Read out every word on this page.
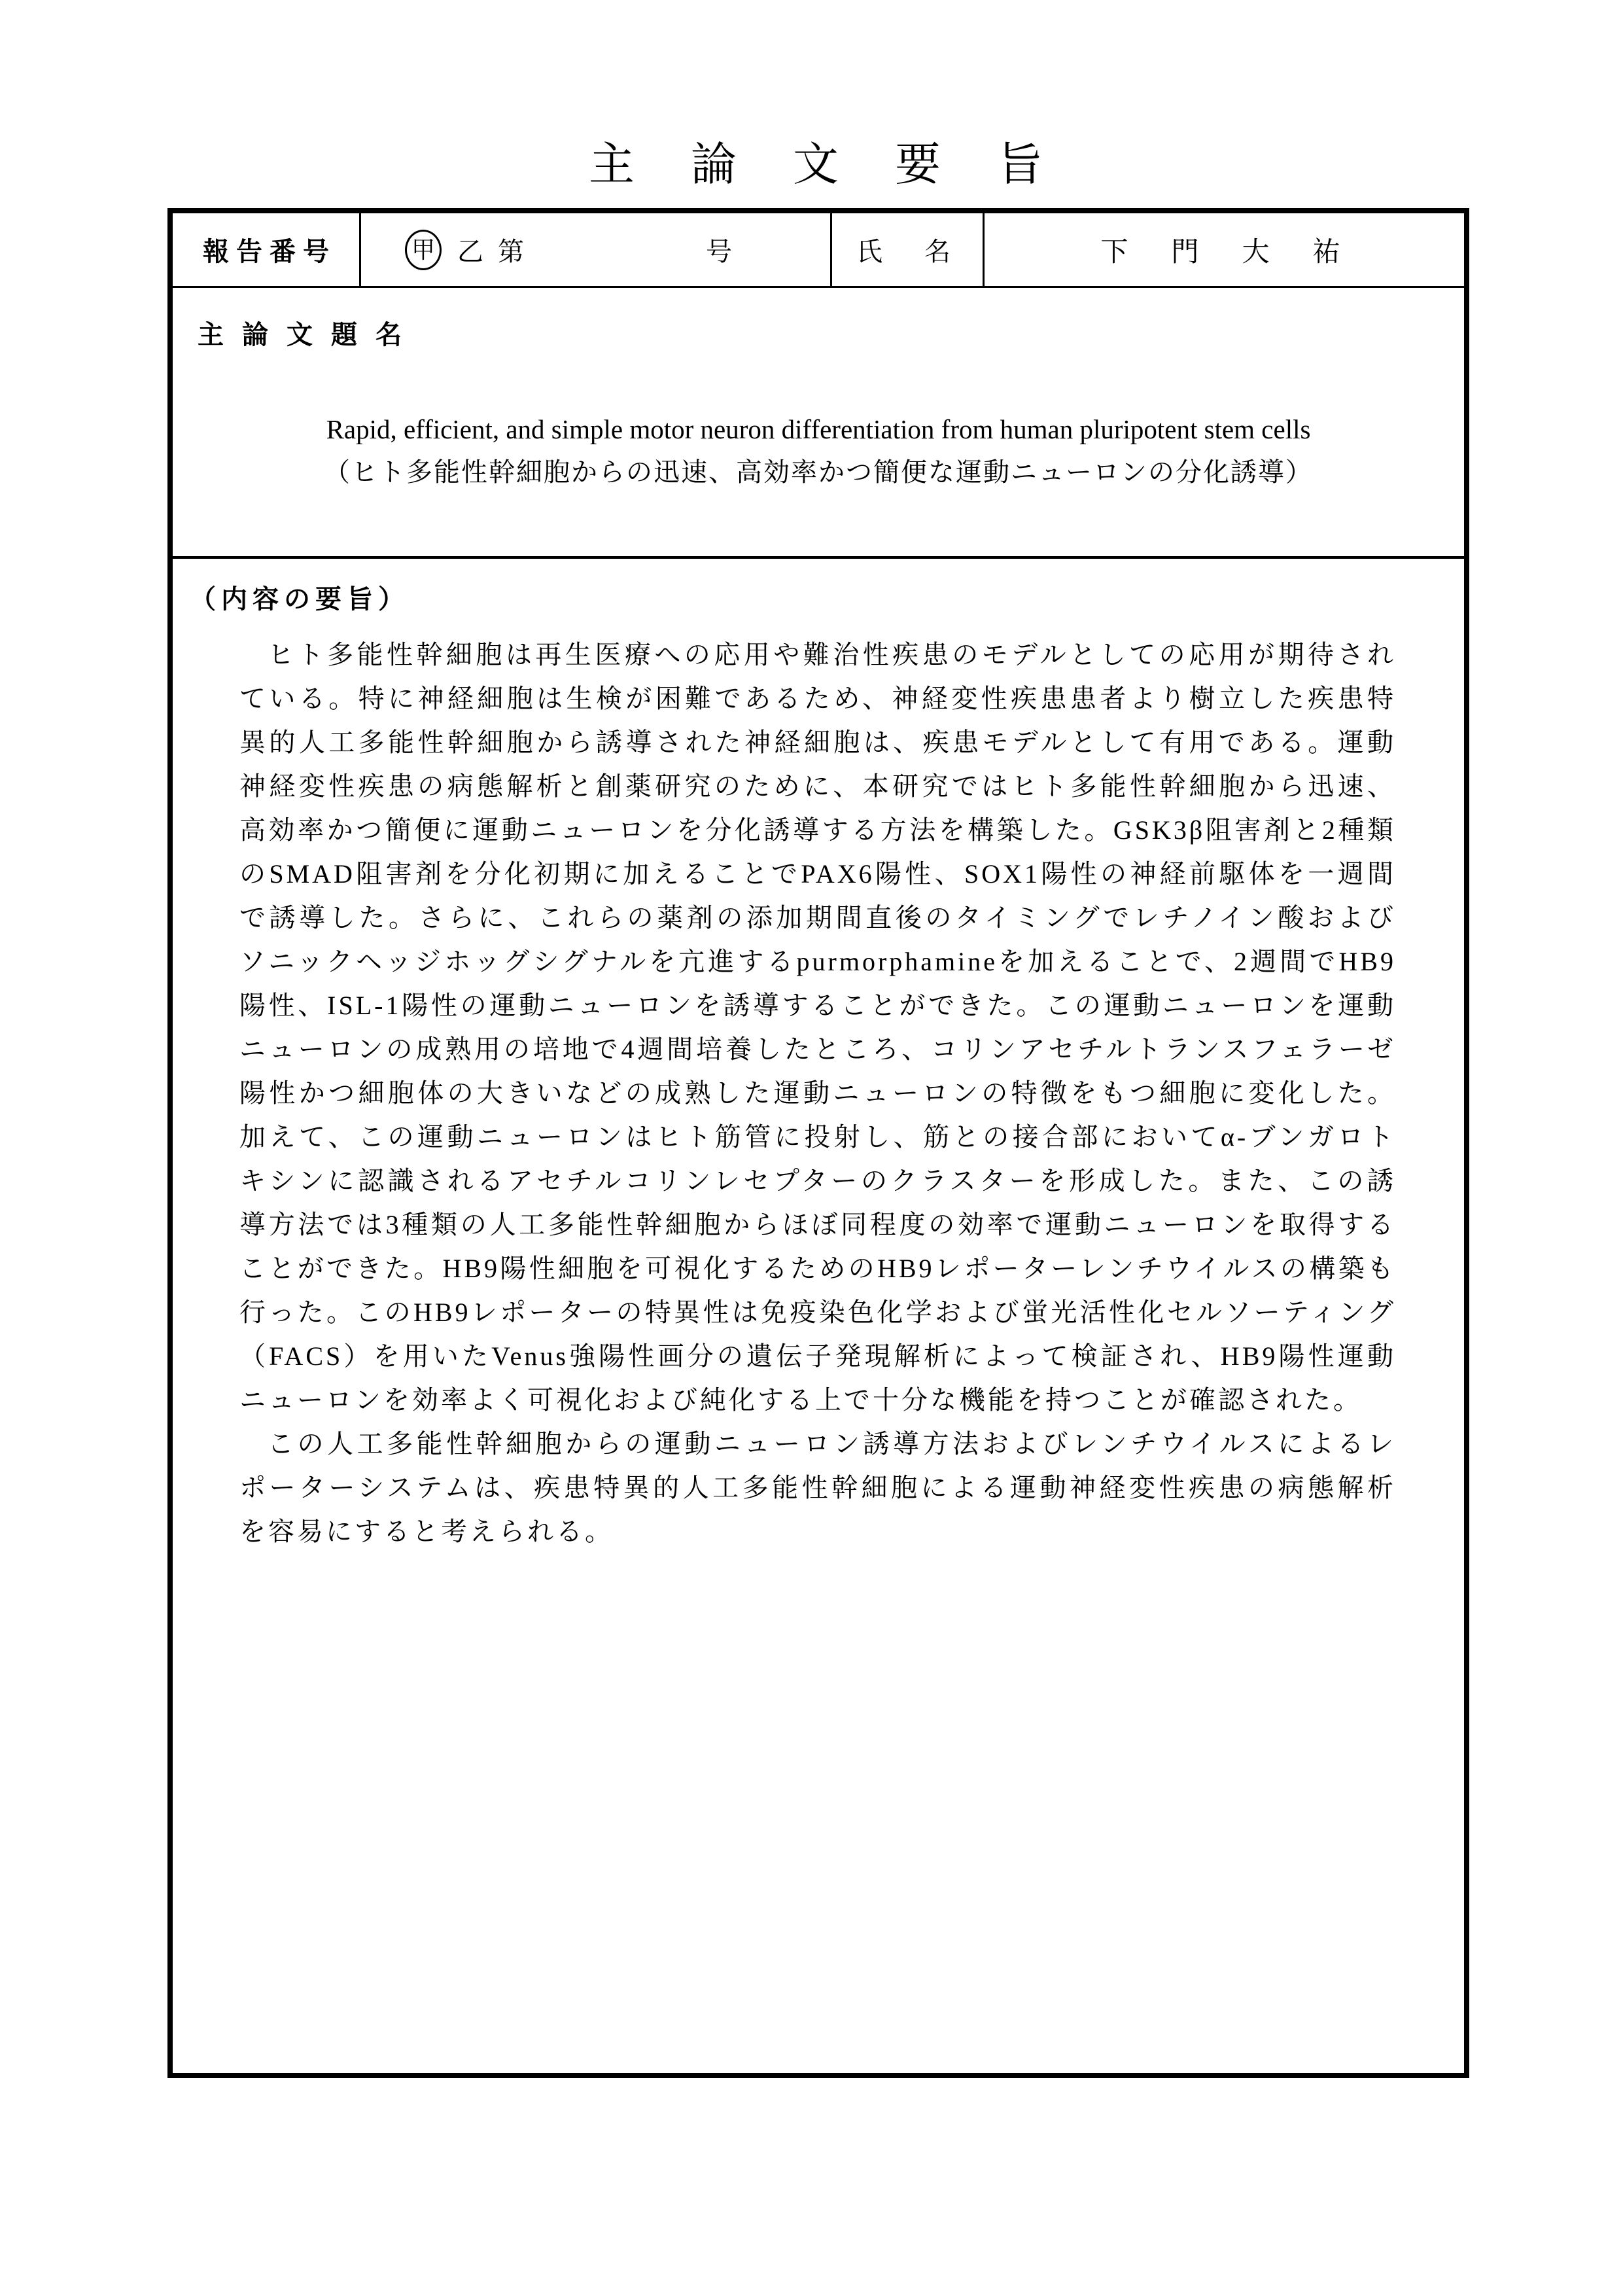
主　論　文　要　旨
報告番号	甲 乙 第	号	氏　名	下　門　大　祐
主論文題名
Rapid, efficient, and simple motor neuron differentiation from human pluripotent stem cells
（ヒト多能性幹細胞からの迅速、高効率かつ簡便な運動ニューロンの分化誘導）
（内容の要旨）
ヒト多能性幹細胞は再生医療への応用や難治性疾患のモデルとしての応用が期待され
ている。特に神経細胞は生検が困難であるため、神経変性疾患患者より樹立した疾患特
異的人工多能性幹細胞から誘導された神経細胞は、疾患モデルとして有用である。運動
神経変性疾患の病態解析と創薬研究のために、本研究ではヒト多能性幹細胞から迅速、
高効率かつ簡便に運動ニューロンを分化誘導する方法を構築した。GSK3β阻害剤と2種類
のSMAD阻害剤を分化初期に加えることでPAX6陽性、SOX1陽性の神経前駆体を一週間
で誘導した。さらに、これらの薬剤の添加期間直後のタイミングでレチノイン酸および
ソニックヘッジホッグシグナルを亢進するpurmorphamineを加えることで、2週間でHB9
陽性、ISL-1陽性の運動ニューロンを誘導することができた。この運動ニューロンを運動
ニューロンの成熟用の培地で4週間培養したところ、コリンアセチルトランスフェラーゼ
陽性かつ細胞体の大きいなどの成熟した運動ニューロンの特徴をもつ細胞に変化した。
加えて、この運動ニューロンはヒト筋管に投射し、筋との接合部においてα-ブンガロト
キシンに認識されるアセチルコリンレセプターのクラスターを形成した。また、この誘
導方法では3種類の人工多能性幹細胞からほぼ同程度の効率で運動ニューロンを取得する
ことができた。HB9陽性細胞を可視化するためのHB9レポーターレンチウイルスの構築も
行った。このHB9レポーターの特異性は免疫染色化学および蛍光活性化セルソーティング
（FACS）を用いたVenus強陽性画分の遺伝子発現解析によって検証され、HB9陽性運動
ニューロンを効率よく可視化および純化する上で十分な機能を持つことが確認された。
この人工多能性幹細胞からの運動ニューロン誘導方法およびレンチウイルスによるレ
ポーターシステムは、疾患特異的人工多能性幹細胞による運動神経変性疾患の病態解析
を容易にすると考えられる。
